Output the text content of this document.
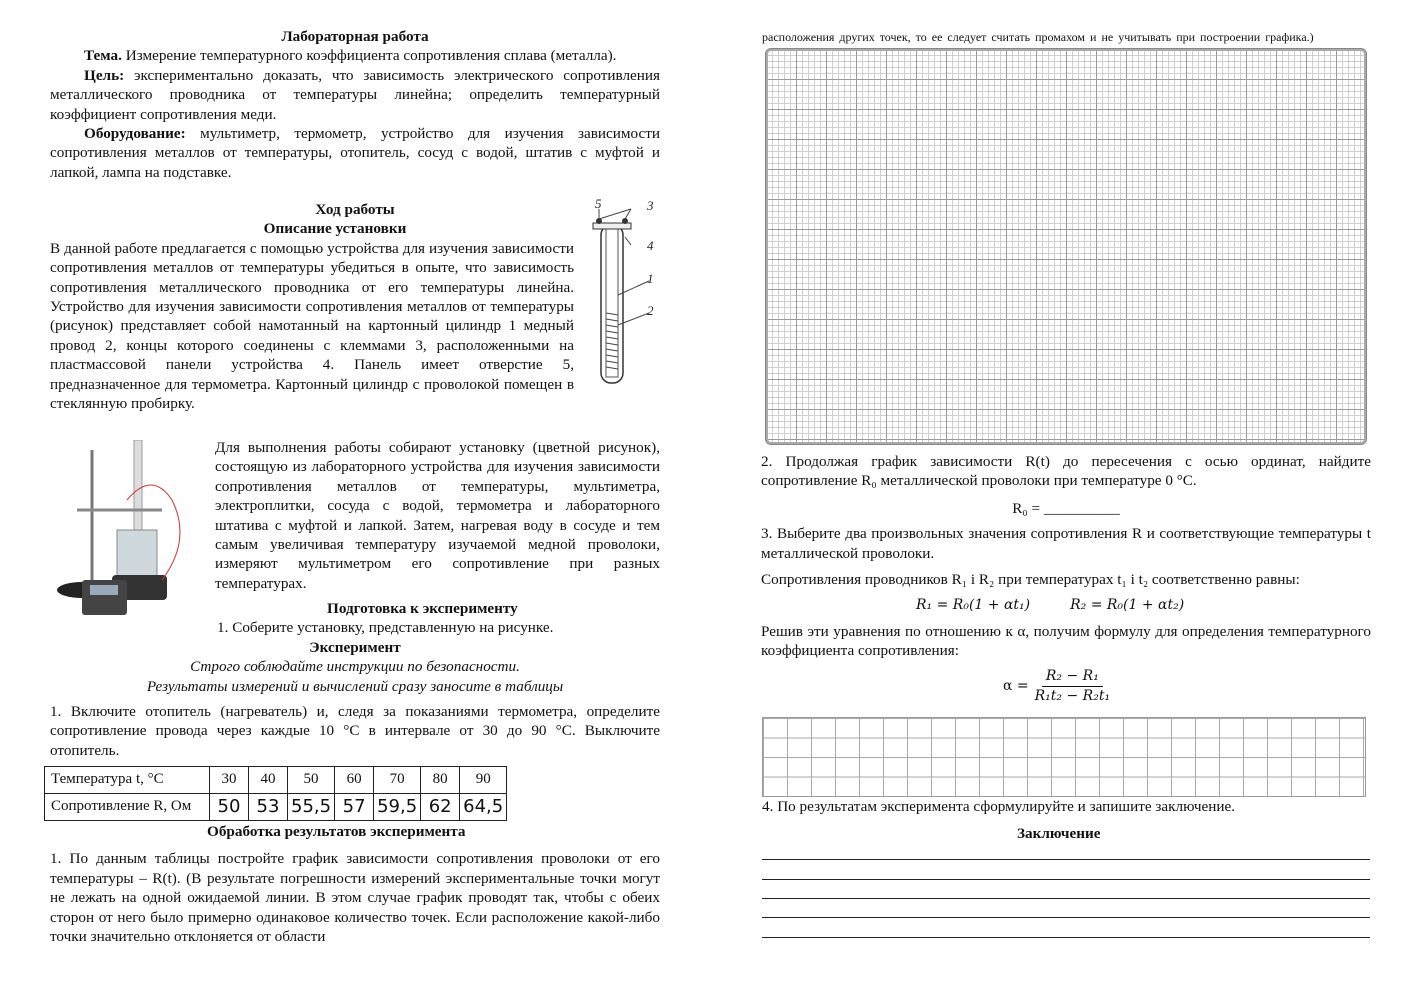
Лабораторная работа

Тема. Измерение температурного коэффициента сопротивления сплава (металла).

Цель: экспериментально доказать, что зависимость электрического сопротивления металлического проводника от температуры линейна; определить температурный коэффициент сопротивления меди.

Оборудование: мультиметр, термометр, устройство для изучения зависимости сопротивления металлов от температуры, отопитель, сосуд с водой, штатив с муфтой и лапкой, лампа на подставке.

Ход работы

Описание установки

В данной работе предлагается с помощью устройства для изучения зависимости сопротивления металлов от температуры убедиться в опыте, что зависимость сопротивления металлического проводника от его температуры линейна. Устройство для изучения зависимости сопротивления металлов от температуры (рисунок) представляет собой намотанный на картонный цилиндр 1 медный провод 2, концы которого соединены с клеммами 3, расположенными на пластмассовой панели устройства 4. Панель имеет отверстие 5, предназначенное для термометра. Картонный цилиндр с проволокой помещен в стеклянную пробирку.

5	3
4
1
2

Для выполнения работы собирают установку (цветной рисунок), состоящую из лабораторного устройства для изучения зависимости сопротивления металлов от температуры, мультиметра, электроплитки, сосуда с водой, термометра и лабораторного штатива с муфтой и лапкой. Затем, нагревая воду в сосуде и тем самым увеличивая температуру изучаемой медной проволоки, измеряют мультиметром его сопротивление при разных температурах.

Подготовка к эксперименту

1. Соберите установку, представленную на рисунке.

Эксперимент

Строго соблюдайте инструкции по безопасности.

Результаты измерений и вычислений сразу заносите в таблицы

1. Включите отопитель (нагреватель) и, следя за показаниями термометра, определите сопротивление провода через каждые 10 °С в интервале от 30 до 90 °С. Выключите отопитель.

Температура t, °С	30	40	50	60	70	80	90
Сопротивление R, Ом	50	53	55,5	57	59,5	62	64,5

Обработка результатов эксперимента

1. По данным таблицы постройте график зависимости сопротивления проволоки от его температуры – R(t). (В результате погрешности измерений экспериментальные точки могут не лежать на одной ожидаемой линии. В этом случае график проводят так, чтобы с обеих сторон от него было примерно одинаковое количество точек. Если расположение какой-либо точки значительно отклоняется от области

расположения других точек, то ее следует считать промахом и не учитывать при построении графика.)

2. Продолжая график зависимости R(t) до пересечения с осью ординат, найдите сопротивление R₀ металлической проволоки при температуре 0 °С.

R₀ = __________

3. Выберите два произвольных значения сопротивления R и соответствующие температуры t металлической проволоки.

Сопротивления проводников R₁ і R₂ при температурах t₁ і t₂ соответственно равны:

R₁ = R₀(1 + αt₁)	R₂ = R₀(1 + αt₂)

Решив эти уравнения по отношению к α, получим формулу для определения температурного коэффициента сопротивления:

$\alpha = \frac{\text{R₂ − R₁}}{\text{R₁t₂ − R₂t₁}}$

4. По результатам эксперимента сформулируйте и запишите заключение.

Заключение
